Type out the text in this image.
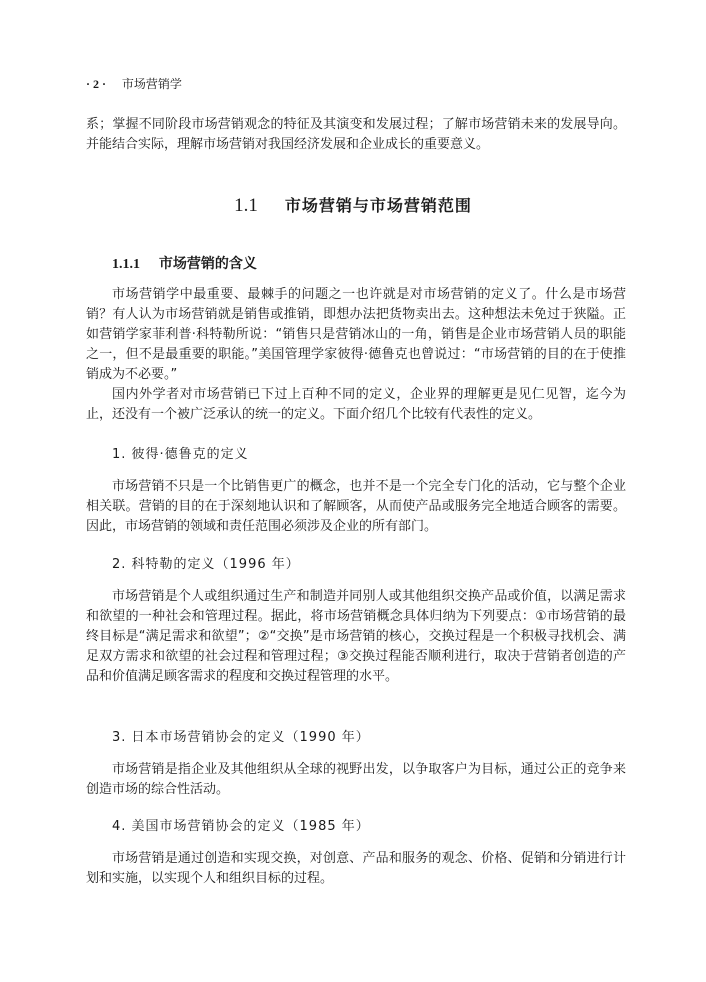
· 2 · 市场营销学

系；掌握不同阶段市场营销观念的特征及其演变和发展过程；了解市场营销未来的发展导向。并能结合实际，理解市场营销对我国经济发展和企业成长的重要意义。

1.1 市场营销与市场营销范围
1.1.1 市场营销的含义

市场营销学中最重要、最棘手的问题之一也许就是对市场营销的定义了。什么是市场营销？有人认为市场营销就是销售或推销，即想办法把货物卖出去。这种想法未免过于狭隘。正如营销学家菲利普·科特勒所说：“销售只是营销冰山的一角，销售是企业市场营销人员的职能之一，但不是最重要的职能。”美国管理学家彼得·德鲁克也曾说过：“市场营销的目的在于使推销成为不必要。”

国内外学者对市场营销已下过上百种不同的定义，企业界的理解更是见仁见智，迄今为止，还没有一个被广泛承认的统一的定义。下面介绍几个比较有代表性的定义。

1. 彼得·德鲁克的定义

市场营销不只是一个比销售更广的概念，也并不是一个完全专门化的活动，它与整个企业相关联。营销的目的在于深刻地认识和了解顾客，从而使产品或服务完全地适合顾客的需要。因此，市场营销的领域和责任范围必须涉及企业的所有部门。

2. 科特勒的定义（1996 年）

市场营销是个人或组织通过生产和制造并同别人或其他组织交换产品或价值，以满足需求和欲望的一种社会和管理过程。据此，将市场营销概念具体归纳为下列要点：①市场营销的最终目标是“满足需求和欲望”；②“交换”是市场营销的核心，交换过程是一个积极寻找机会、满足双方需求和欲望的社会过程和管理过程；③交换过程能否顺利进行，取决于营销者创造的产品和价值满足顾客需求的程度和交换过程管理的水平。

3. 日本市场营销协会的定义（1990 年）

市场营销是指企业及其他组织从全球的视野出发，以争取客户为目标，通过公正的竞争来创造市场的综合性活动。

4. 美国市场营销协会的定义（1985 年）

市场营销是通过创造和实现交换，对创意、产品和服务的观念、价格、促销和分销进行计划和实施，以实现个人和组织目标的过程。
